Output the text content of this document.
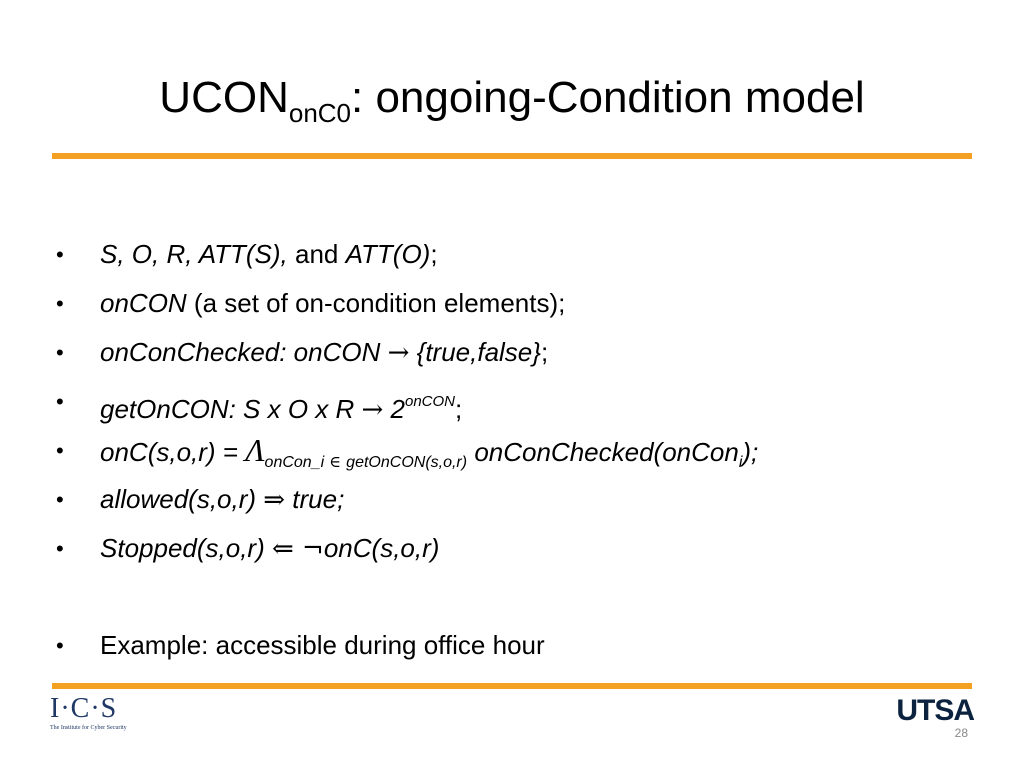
$UCON_{onC0}$: ongoing-Condition model
• S, O, R, ATT(S), and ATT(O);
• onCON (a set of on-condition elements);
• onConChecked: onCON → {true,false};
• getOnCON: S x O x $R \to 2^{onCON}$;
• $onC(s,o,r) = \Lambda_{onCon\_i}$ $_\in$ $_{getOnCON(s,o,r)}$ onConChecked(onCon$_i$);
• allowed(s,o,r) ⇒ true;
• Stopped(s,o,r) ⇐ ¬onC(s,o,r)
• Example: accessible during office hour
I·C·S
The Institute for Cyber Security
UTSA
28
